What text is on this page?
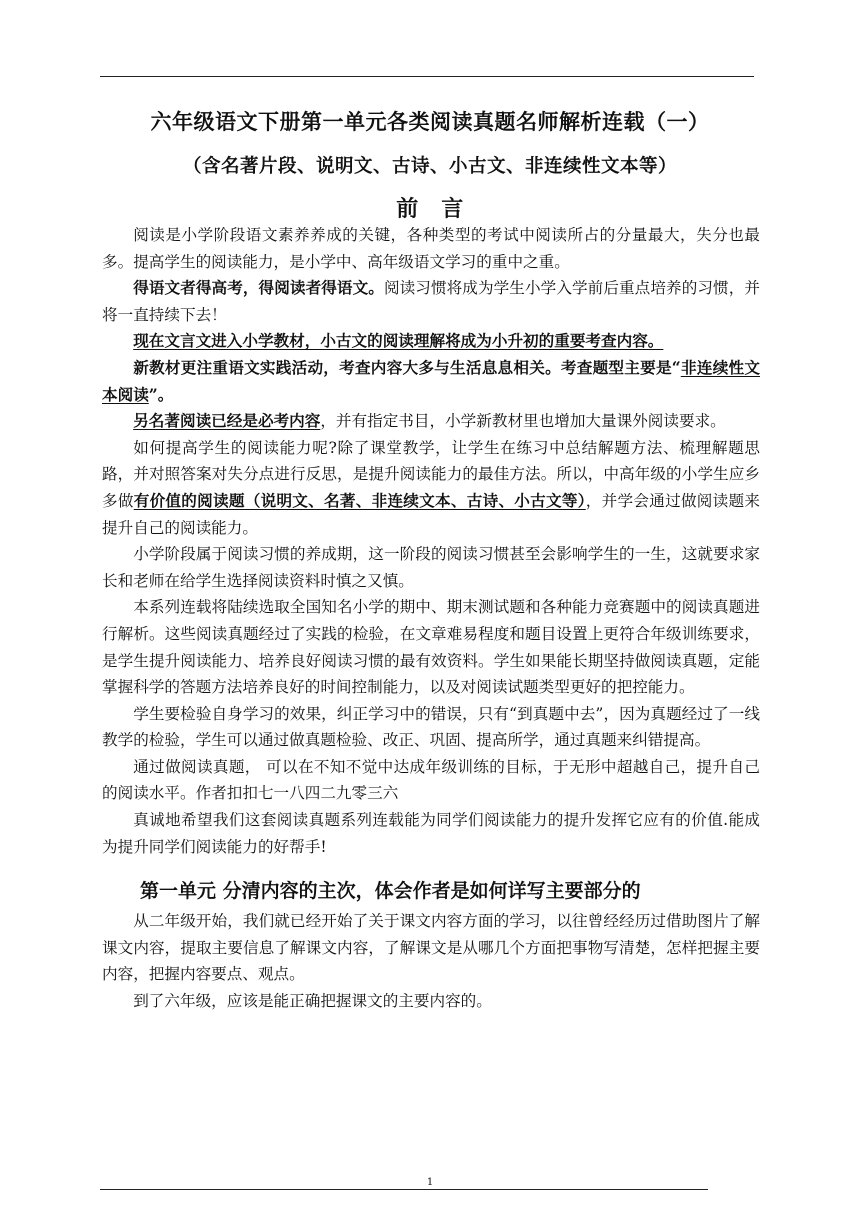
六年级语文下册第一单元各类阅读真题名师解析连载（一）
（含名著片段、说明文、古诗、小古文、非连续性文本等）
前　言

阅读是小学阶段语文素养养成的关键，各种类型的考试中阅读所占的分量最大，失分也最多。提高学生的阅读能力，是小学中、高年级语文学习的重中之重。

得语文者得高考，得阅读者得语文。阅读习惯将成为学生小学入学前后重点培养的习惯，并将一直持续下去！

现在文言文进入小学教材，小古文的阅读理解将成为小升初的重要考查内容。

新教材更注重语文实践活动，考查内容大多与生活息息相关。考查题型主要是“非连续性文本阅读”。

另名著阅读已经是必考内容，并有指定书目，小学新教材里也增加大量课外阅读要求。

如何提高学生的阅读能力呢?除了课堂教学，让学生在练习中总结解题方法、梳理解题思路，并对照答案对失分点进行反思，是提升阅读能力的最佳方法。所以，中高年级的小学生应乡多做有价值的阅读题（说明文、名著、非连续文本、古诗、小古文等），并学会通过做阅读题来提升自己的阅读能力。

小学阶段属于阅读习惯的养成期，这一阶段的阅读习惯甚至会影响学生的一生，这就要求家长和老师在给学生选择阅读资料时慎之又慎。

本系列连载将陆续选取全国知名小学的期中、期末测试题和各种能力竞赛题中的阅读真题进行解析。这些阅读真题经过了实践的检验，在文章难易程度和题目设置上更符合年级训练要求，是学生提升阅读能力、培养良好阅读习惯的最有效资料。学生如果能长期坚持做阅读真题，定能掌握科学的答题方法培养良好的时间控制能力，以及对阅读试题类型更好的把控能力。

学生要检验自身学习的效果，纠正学习中的错误，只有“到真题中去”，因为真题经过了一线教学的检验，学生可以通过做真题检验、改正、巩固、提高所学，通过真题来纠错提高。

通过做阅读真题， 可以在不知不觉中达成年级训练的目标，于无形中超越自己，提升自己的阅读水平。作者扣扣七一八四二九零三六

真诚地希望我们这套阅读真题系列连载能为同学们阅读能力的提升发挥它应有的价值.能成为提升同学们阅读能力的好帮手!

第一单元 分清内容的主次，体会作者是如何详写主要部分的

从二年级开始，我们就已经开始了关于课文内容方面的学习，以往曾经经历过借助图片了解课文内容，提取主要信息了解课文内容，了解课文是从哪几个方面把事物写清楚，怎样把握主要内容，把握内容要点、观点。

到了六年级，应该是能正确把握课文的主要内容的。

1
